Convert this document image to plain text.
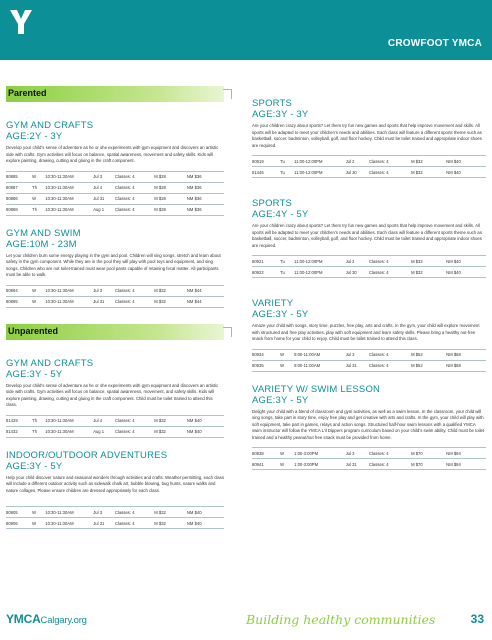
CROWFOOT YMCA
Parented
GYM AND CRAFTS
AGE:2Y - 3Y
Develop your child’s sense of adventure as he or she experiments with gym equipment and discovers an artistic side with crafts. Gym activities will focus on balance, spatial awareness, movement and safety skills. Kids will explore painting, drawing, cutting and gluing in the craft component.
80885	W	10:30-11:30AM	Jul 3	Classes: 4	M $28	NM $36
80887	Th	10:30-11:30AM	Jul 4	Classes: 4	M $28	NM $36
80886	W	10:30-11:30AM	Jul 31	Classes: 4	M $28	NM $36
80888	Th	10:30-11:30AM	Aug 1	Classes: 4	M $28	NM $36
GYM AND SWIM
AGE:10M - 23M
Let your children burn some energy playing in the gym and pool. Children will sing songs, stretch and learn about safety in the gym component. While they are in the pool they will play with pool toys and equipment, and sing songs. Children who are not toilet-trained must wear pool pants capable of retaining fecal matter. All participants must be able to walk.
80894	W	10:30-11:30AM	Jul 3	Classes: 4	M $32	NM $44
80895	W	10:30-11:30AM	Jul 31	Classes: 4	M $32	NM $44
Unparented
GYM AND CRAFTS
AGE:3Y - 5Y
Develop your child’s sense of adventure as he or she experiments with gym equipment and discovers an artistic side with crafts. Gym activities will focus on balance, spatial awareness, movement, and safety skills. Kids will explore painting, drawing, cutting and gluing in the craft component. Child must be toilet trained to attend this class.
81429	Th	10:30-11:30AM	Jul 4	Classes: 4	M $32	NM $40
81432	Th	10:30-11:30AM	Aug 1	Classes: 4	M $32	NM $40
INDOOR/OUTDOOR ADVENTURES
AGE:3Y - 5Y
Help your child discover nature and seasonal wonders through activities and crafts. Weather permitting, each class will include a different outdoor activity such as sidewalk chalk art, bubble blowing, bug hunts, nature walks and nature collages. Please ensure children are dressed appropriately for each class.
80905	W	10:30-11:30AM	Jul 3	Classes: 4	M $32	NM $40
80906	W	10:30-11:30AM	Jul 31	Classes: 4	M $32	NM $40
SPORTS
AGE:3Y - 3Y
Are your children crazy about sports? Let them try fun new games and sports that help improve movement and skills. All sports will be adapted to meet your children’s needs and abilities. Each class will feature a different sports theme such as basketball, soccer, badminton, volleyball, golf, and floor hockey. Child must be toilet trained and appropriate indoor shoes are required.
80919	Tu	11:00-12:00PM	Jul 2	Classes: 4	M $32	NM $40
81445	Tu	11:00-12:00PM	Jul 30	Classes: 4	M $32	NM $40
SPORTS
AGE:4Y - 5Y
Are your children crazy about sports? Let them try fun new games and sports that help improve movement and skills. All sports will be adapted to meet your children’s needs and abilities. Each class will feature a different sports theme such as basketball, soccer, badminton, volleyball, golf, and floor hockey. Child must be toilet trained and appropriate indoor shoes are required.
80921	Tu	11:00-12:00PM	Jul 2	Classes: 4	M $32	NM $40
80922	Tu	11:00-12:00PM	Jul 30	Classes: 4	M $32	NM $40
VARIETY
AGE:3Y - 5Y
Amaze your child with songs, story time, puzzles, free play, arts and crafts. In the gym, your child will explore movement with structured and free play activities, play with soft equipment and learn safety skills. Please bring a healthy nut-free snack from home for your child to enjoy. Child must be toilet trained to attend this class.
80934	W	9:00-11:00AM	Jul 3	Classes: 4	M $52	NM $68
80935	W	9:00-11:00AM	Jul 31	Classes: 4	M $52	NM $68
VARIETY W/ SWIM LESSON
AGE:3Y - 5Y
Delight your child with a blend of classroom and gym activities, as well as a swim lesson. In the classroom, your child will sing songs, take part in story time, enjoy free play and get creative with arts and crafts. In the gym, your child will play with soft equipment, take part in games, relays and action songs. Structured half-hour swim lessons with a qualified YMCA swim instructor will follow the YMCA L’il Dippers program curriculum based on your child’s swim ability. Child must be toilet trained and a healthy peanut/nut free snack must be provided from home.
80938	W	1:00-3:00PM	Jul 3	Classes: 4	M $70	NM $94
80941	W	1:00-3:00PM	Jul 31	Classes: 4	M $70	NM $94
YMCACalgary.org	Building healthy communities	33
